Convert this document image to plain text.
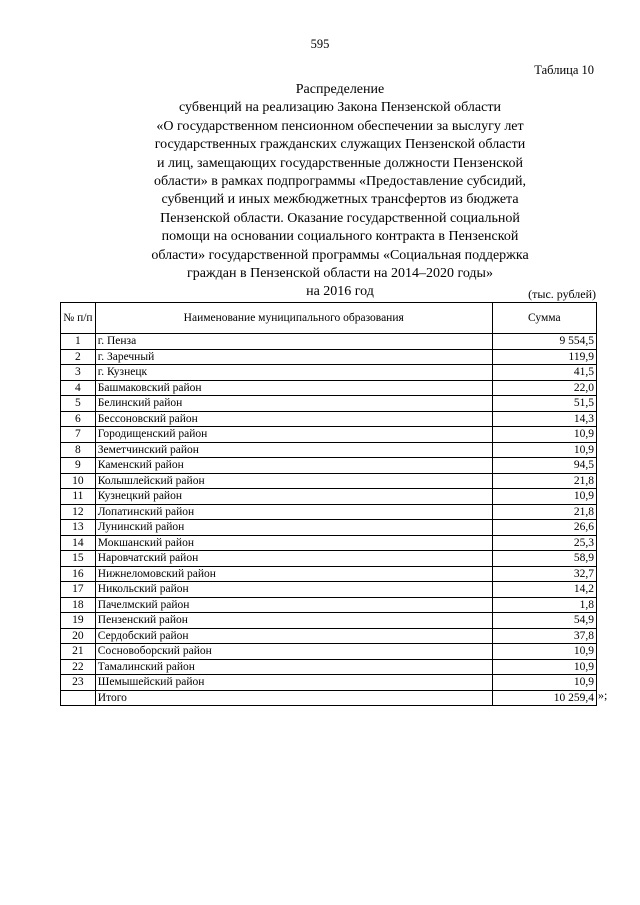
595
Таблица 10
Распределение
субвенций на реализацию Закона Пензенской области
«О государственном пенсионном обеспечении за выслугу лет
государственных гражданских служащих Пензенской области
и лиц, замещающих государственные должности Пензенской
области» в рамках подпрограммы «Предоставление субсидий,
субвенций и иных межбюджетных трансфертов из бюджета
Пензенской области. Оказание государственной социальной
помощи на основании социального контракта в Пензенской
области» государственной программы «Социальная поддержка
граждан в Пензенской области на 2014–2020 годы»
на 2016 год	(тыс. рублей)
№ п/п	Наименование муниципального образования	Сумма
1	г. Пенза	9 554,5
2	г. Заречный	119,9
3	г. Кузнецк	41,5
4	Башмаковский район	22,0
5	Белинский район	51,5
6	Бессоновский район	14,3
7	Городищенский район	10,9
8	Земетчинский район	10,9
9	Каменский район	94,5
10	Колышлейский район	21,8
11	Кузнецкий район	10,9
12	Лопатинский район	21,8
13	Лунинский район	26,6
14	Мокшанский район	25,3
15	Наровчатский район	58,9
16	Нижнеломовский район	32,7
17	Никольский район	14,2
18	Пачелмский район	1,8
19	Пензенский район	54,9
20	Сердобский район	37,8
21	Сосновоборский район	10,9
22	Тамалинский район	10,9
23	Шемышейский район	10,9
	Итого	10 259,4 »;
